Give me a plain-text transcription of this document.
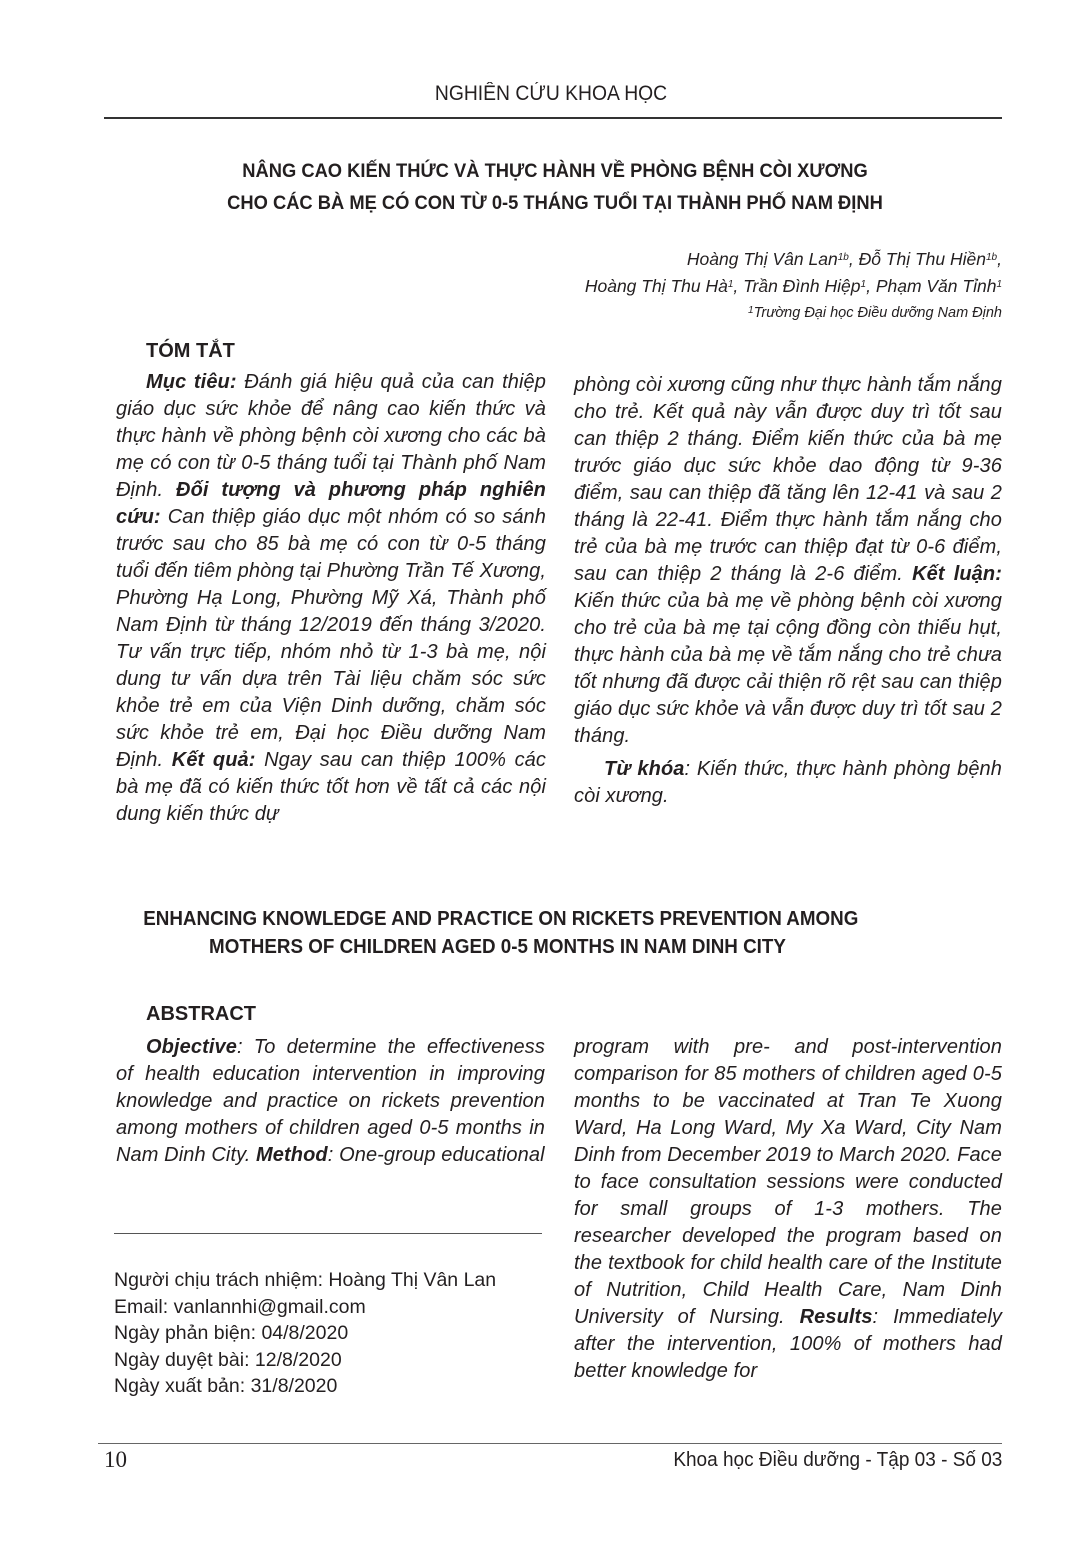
NGHIÊN CỨU KHOA HỌC
NÂNG CAO KIẾN THỨC VÀ THỰC HÀNH VỀ PHÒNG BỆNH CÒI XƯƠNG
CHO CÁC BÀ MẸ CÓ CON TỪ 0-5 THÁNG TUỔI TẠI THÀNH PHỐ NAM ĐỊNH
Hoàng Thị Vân Lan$^{1b}$, Đỗ Thị Thu Hiền$^{1b}$,
Hoàng Thị Thu $Hà^1$, Trần Đình Hiệp$^1$, Phạm Văn Tỉnh$^1$
$^1$Trường Đại học Điều dưỡng Nam Định
TÓM TẮT

Mục tiêu: Đánh giá hiệu quả của can thiệp giáo dục sức khỏe để nâng cao kiến thức và thực hành về phòng bệnh còi xương cho các bà mẹ có con từ 0-5 tháng tuổi tại Thành phố Nam Định. Đối tượng và phương pháp nghiên cứu: Can thiệp giáo dục một nhóm có so sánh trước sau cho 85 bà mẹ có con từ 0-5 tháng tuổi đến tiêm phòng tại Phường Trần Tế Xương, Phường Hạ Long, Phường Mỹ Xá, Thành phố Nam Định từ tháng 12/2019 đến tháng 3/2020. Tư vấn trực tiếp, nhóm nhỏ từ 1-3 bà mẹ, nội dung tư vấn dựa trên Tài liệu chăm sóc sức khỏe trẻ em của Viện Dinh dưỡng, chăm sóc sức khỏe trẻ em, Đại học Điều dưỡng Nam Định. Kết quả: Ngay sau can thiệp 100% các bà mẹ đã có kiến thức tốt hơn về tất cả các nội dung kiến thức dự

phòng còi xương cũng như thực hành tắm nắng cho trẻ. Kết quả này vẫn được duy trì tốt sau can thiệp 2 tháng. Điểm kiến thức của bà mẹ trước giáo dục sức khỏe dao động từ 9-36 điểm, sau can thiệp đã tăng lên 12-41 và sau 2 tháng là 22-41. Điểm thực hành tắm nắng cho trẻ của bà mẹ trước can thiệp đạt từ 0-6 điểm, sau can thiệp 2 tháng là 2-6 điểm. Kết luận: Kiến thức của bà mẹ về phòng bệnh còi xương cho trẻ của bà mẹ tại cộng đồng còn thiếu hụt, thực hành của bà mẹ về tắm nắng cho trẻ chưa tốt nhưng đã được cải thiện rõ rệt sau can thiệp giáo dục sức khỏe và vẫn được duy trì tốt sau 2 tháng.

Từ khóa: Kiến thức, thực hành phòng bệnh còi xương.

ENHANCING KNOWLEDGE AND PRACTICE ON RICKETS PREVENTION AMONG
MOTHERS OF CHILDREN AGED 0-5 MONTHS IN NAM DINH CITY
ABSTRACT

Objective: To determine the effectiveness of health education intervention in improving knowledge and practice on rickets prevention among mothers of children aged 0-5 months in Nam Dinh City. Method: One-group educational

program with pre- and post-intervention comparison for 85 mothers of children aged 0-5 months to be vaccinated at Tran Te Xuong Ward, Ha Long Ward, My Xa Ward, City Nam Dinh from December 2019 to March 2020. Face to face consultation sessions were conducted for small groups of 1-3 mothers. The researcher developed the program based on the textbook for child health care of the Institute of Nutrition, Child Health Care, Nam Dinh University of Nursing. Results: Immediately after the intervention, 100% of mothers had better knowledge for

Người chịu trách nhiệm: Hoàng Thị Vân Lan
Email: vanlannhi@gmail.com
Ngày phản biện: 04/8/2020
Ngày duyệt bài: 12/8/2020
Ngày xuất bản: 31/8/2020
10	Khoa học Điều dưỡng - Tập 03 - Số 03
